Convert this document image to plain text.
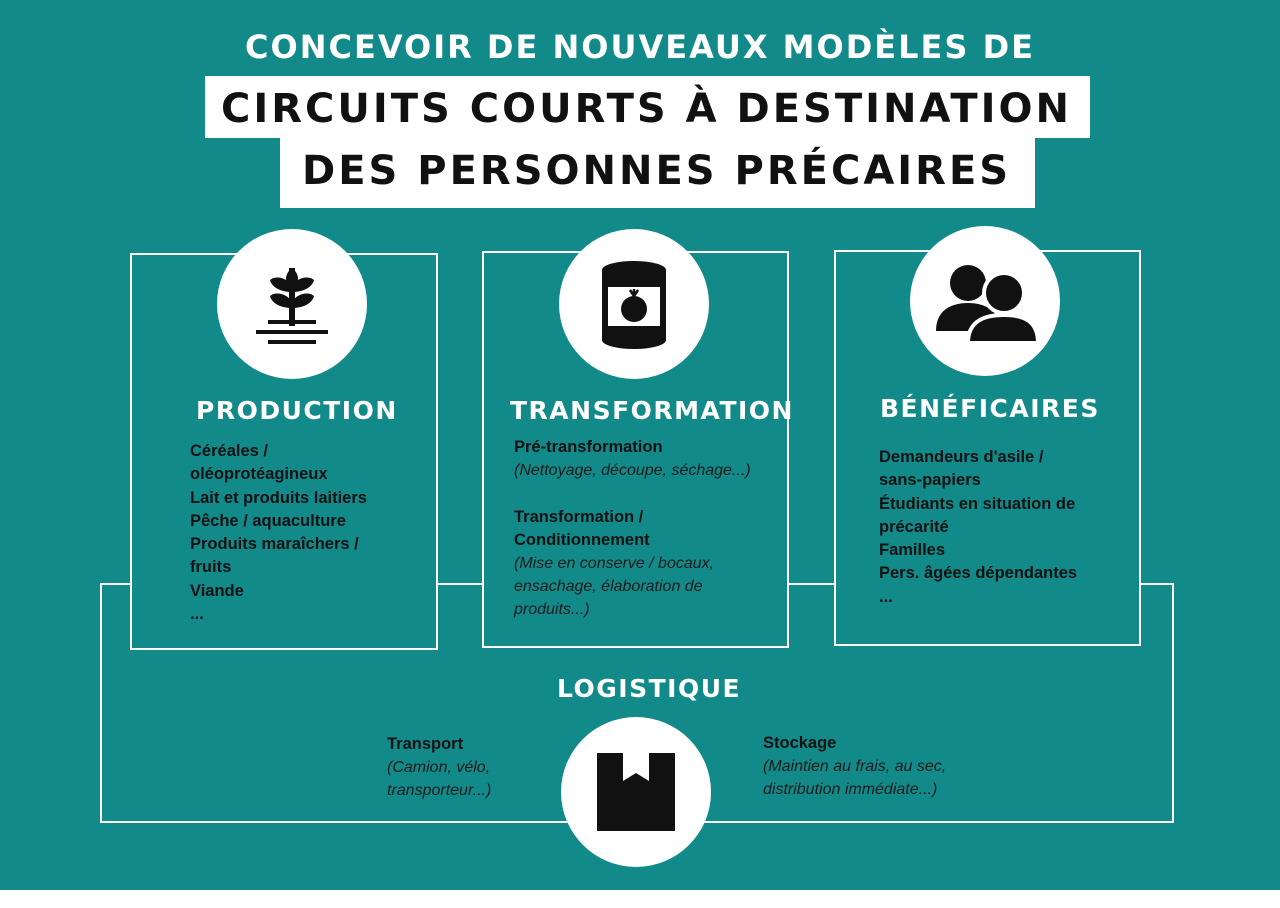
CONCEVOIR DE NOUVEAUX MODÈLES DE
CIRCUITS COURTS À DESTINATION
DES PERSONNES PRÉCAIRES
PRODUCTION
Céréales /
oléoprotéagineux
Lait et produits laitiers
Pêche / aquaculture
Produits maraîchers /
fruits
Viande
...
TRANSFORMATION
Pré-transformation
(Nettoyage, découpe, séchage...)
Transformation /
Conditionnement
(Mise en conserve / bocaux,
ensachage, élaboration de
produits...)
BÉNÉFICAIRES
Demandeurs d'asile /
sans-papiers
Étudiants en situation de
précarité
Familles
Pers. âgées dépendantes
...
LOGISTIQUE
Transport
(Camion, vélo,
transporteur...)
Stockage
(Maintien au frais, au sec,
distribution immédiate...)
